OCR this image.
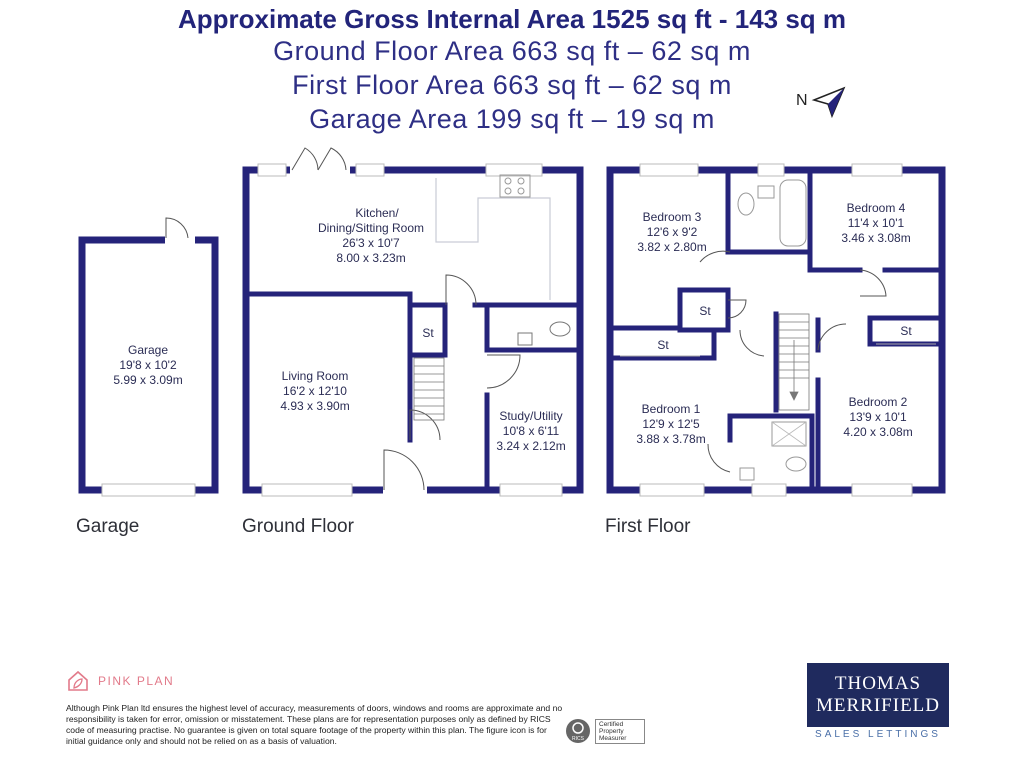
Approximate Gross Internal Area 1525 sq ft - 143 sq m
Ground Floor Area 663 sq ft – 62 sq m
First Floor Area 663 sq ft – 62 sq m
Garage Area 199 sq ft – 19 sq m
N
Garage
19'8 x 10'2
5.99 x 3.09m
Kitchen/
Dining/Sitting Room
26'3 x 10'7
8.00 x 3.23m
Living Room
16'2 x 12'10
4.93 x 3.90m
Study/Utility
10'8 x 6'11
3.24 x 2.12m
St
Bedroom 3
12'6 x 9'2
3.82 x 2.80m
Bedroom 4
11'4 x 10'1
3.46 x 3.08m
Bedroom 1
12'9 x 12'5
3.88 x 3.78m
Bedroom 2
13'9 x 10'1
4.20 x 3.08m
St
St
St
Garage	Ground Floor	First Floor
PINK PLAN
Although Pink Plan ltd ensures the highest level of accuracy, measurements of doors, windows and rooms are approximate and no responsibility is taken for error, omission or misstatement. These plans are for representation purposes only as defined by RICS code of measuring practise. No guarantee is given on total square footage of the property within this plan. The figure icon is for initial guidance only and should not be relied on as a basis of valuation.	RICS
Certified Property Measurer
THOMAS
MERRIFIELD
SALES LETTINGS
